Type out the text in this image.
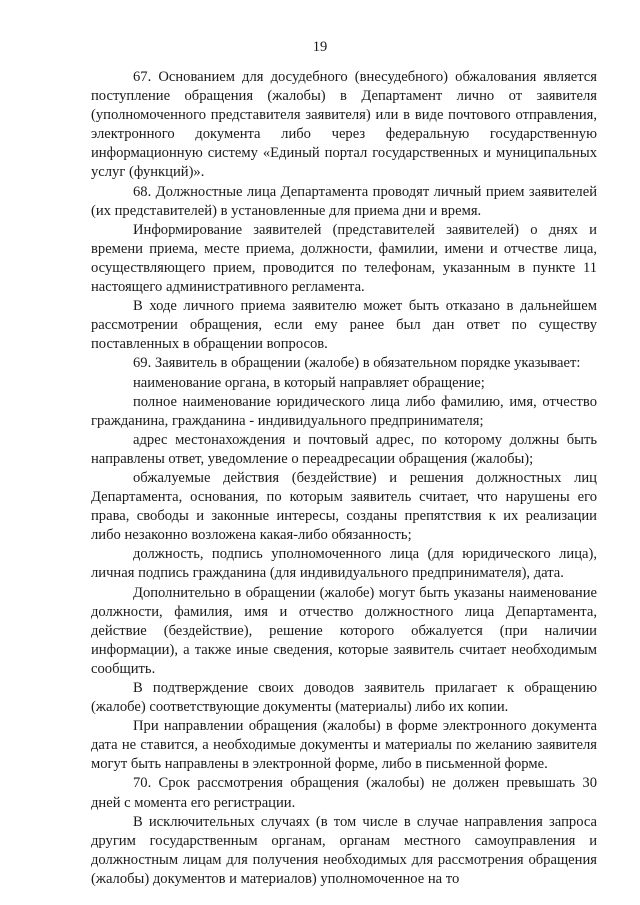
19

67. Основанием для досудебного (внесудебного) обжалования является поступление обращения (жалобы) в Департамент лично от заявителя (уполномоченного представителя заявителя) или в виде почтового отправления, электронного документа либо через федеральную государственную информационную систему «Единый портал государственных и муниципальных услуг (функций)».

68. Должностные лица Департамента проводят личный прием заявителей (их представителей) в установленные для приема дни и время.

Информирование заявителей (представителей заявителей) о днях и времени приема, месте приема, должности, фамилии, имени и отчестве лица, осуществляющего прием, проводится по телефонам, указанным в пункте 11 настоящего административного регламента.

В ходе личного приема заявителю может быть отказано в дальнейшем рассмотрении обращения, если ему ранее был дан ответ по существу поставленных в обращении вопросов.

69. Заявитель в обращении (жалобе) в обязательном порядке указывает:

наименование органа, в который направляет обращение;

полное наименование юридического лица либо фамилию, имя, отчество гражданина, гражданина - индивидуального предпринимателя;

адрес местонахождения и почтовый адрес, по которому должны быть направлены ответ, уведомление о переадресации обращения (жалобы);

обжалуемые действия (бездействие) и решения должностных лиц Департамента, основания, по которым заявитель считает, что нарушены его права, свободы и законные интересы, созданы препятствия к их реализации либо незаконно возложена какая-либо обязанность;

должность, подпись уполномоченного лица (для юридического лица), личная подпись гражданина (для индивидуального предпринимателя), дата.

Дополнительно в обращении (жалобе) могут быть указаны наименование должности, фамилия, имя и отчество должностного лица Департамента, действие (бездействие), решение которого обжалуется (при наличии информации), а также иные сведения, которые заявитель считает необходимым сообщить.

В подтверждение своих доводов заявитель прилагает к обращению (жалобе) соответствующие документы (материалы) либо их копии.

При направлении обращения (жалобы) в форме электронного документа дата не ставится, а необходимые документы и материалы по желанию заявителя могут быть направлены в электронной форме, либо в письменной форме.

70. Срок рассмотрения обращения (жалобы) не должен превышать 30 дней с момента его регистрации.

В исключительных случаях (в том числе в случае направления запроса другим государственным органам, органам местного самоуправления и должностным лицам для получения необходимых для рассмотрения обращения (жалобы) документов и материалов) уполномоченное на то
